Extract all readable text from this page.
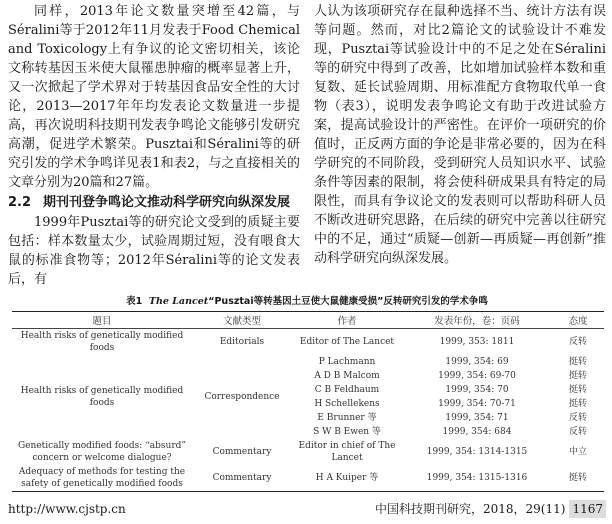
同样，2013年论文数量突增至42篇，与Séralini等于2012年11月发表于Food Chemical and Toxicology上有争议的论文密切相关，该论文称转基因玉米使大鼠罹患肿瘤的概率显著上升，又一次掀起了学术界对于转基因食品安全性的大讨论，2013—2017年年均发表论文数量进一步提高，再次说明科技期刊发表争鸣论文能够引发研究高潮，促进学术繁荣。Pusztai和Séralini等的研究引发的学术争鸣详见表1和表2，与之直接相关的文章分别为20篇和27篇。

2.2 期刊刊登争鸣论文推动科学研究向纵深发展

1999年Pusztai等的研究论文受到的质疑主要包括：样本数量太少，试验周期过短，没有喂食大鼠的标准食物等；2012年Séralini等的论文发表后，有

人认为该项研究存在鼠种选择不当、统计方法有误等问题。然而，对比2篇论文的试验设计不难发现，Pusztai等试验设计中的不足之处在Séralini等的研究中得到了改善，比如增加试验样本数和重复数、延长试验周期、用标准配方食物取代单一食物（表3），说明发表争鸣论文有助于改进试验方案，提高试验设计的严密性。在评价一项研究的价值时，正反两方面的争论是非常必要的，因为在科学研究的不同阶段，受到研究人员知识水平、试验条件等因素的限制，将会使科研成果具有特定的局限性，而具有争议论文的发表则可以帮助科研人员不断改进研究思路，在后续的研究中完善以往研究中的不足，通过“质疑—创新—再质疑—再创新”推动科学研究向纵深发展。

表1 The Lancet“Pusztai等转基因土豆使大鼠健康受损”反转研究引发的学术争鸣
题目	文献类型	作者	发表年份，卷：页码	态度
Health risks of genetically modified foods	Editorials	Editor of The Lancet	1999, 353: 1811	反转
Health risks of genetically modified foods	Correspondence	P Lachmann	1999, 354: 69	挺转
		A D B Malcom	1999, 354: 69-70	挺转
		C B Feldhaum	1999, 354: 70	挺转
		H Schellekens	1999, 354: 70-71	挺转
		E Brunner 等	1999, 354: 71	反转
		S W B Ewen 等	1999, 354: 684	反转
Genetically modified foods: “absurd” concern or welcome dialogue?	Commentary	Editor in chief of The Lancet	1999, 354: 1314-1315	中立
Adequacy of methods for testing the safety of genetically modified foods	Commentary	H A Kuiper 等	1999, 354: 1315-1316	挺转
http://www.cjstp.cn	中国科技期刊研究，2018，29(11) 1167
